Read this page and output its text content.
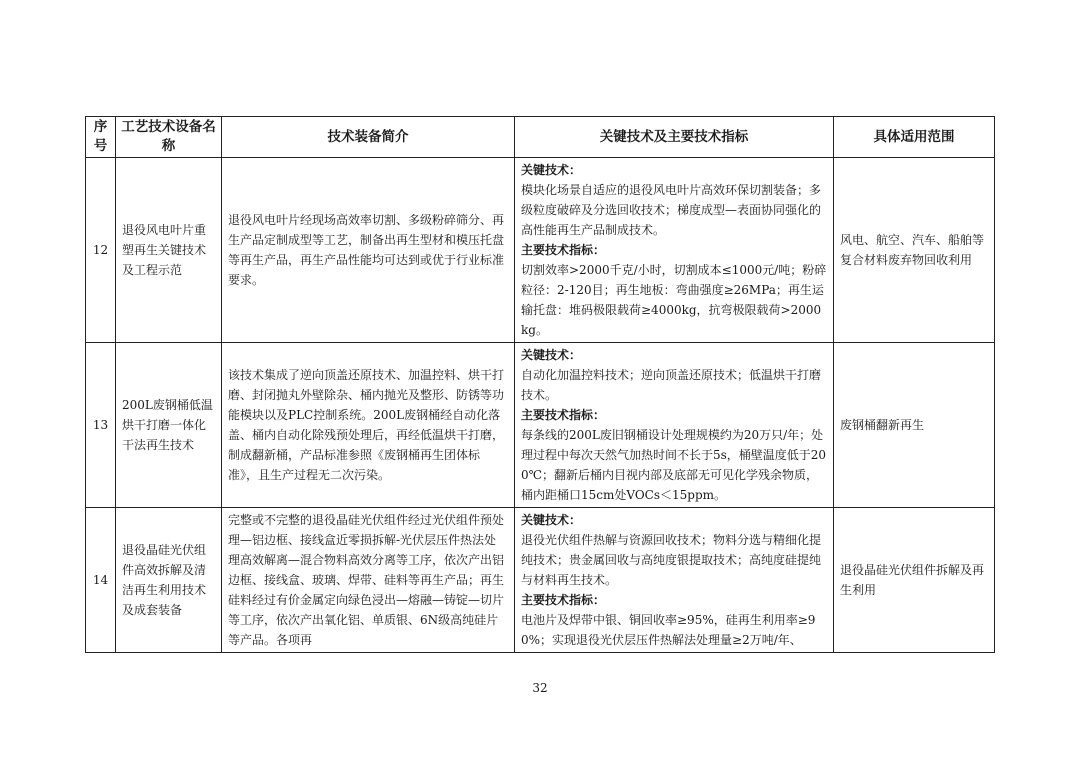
序号	工艺技术设备名称	技术装备简介	关键技术及主要技术指标	具体适用范围
12	退役风电叶片重塑再生关键技术及工程示范	退役风电叶片经现场高效率切割、多级粉碎筛分、再生产品定制成型等工艺，制备出再生型材和模压托盘等再生产品，再生产品性能均可达到或优于行业标准要求。	关键技术：
模块化场景自适应的退役风电叶片高效环保切割装备；多级粒度破碎及分选回收技术；梯度成型—表面协同强化的高性能再生产品制成技术。
主要技术指标：
切割效率>2000千克/小时，切割成本≤1000元/吨；粉碎粒径：2-120目；再生地板：弯曲强度≥26MPa；再生运输托盘：堆码极限载荷≥4000kg，抗弯极限载荷>2000kg。	风电、航空、汽车、船舶等复合材料废弃物回收利用
13	200L废钢桶低温烘干打磨一体化干法再生技术	该技术集成了逆向顶盖还原技术、加温控料、烘干打磨、封闭抛丸外壁除杂、桶内抛光及整形、防锈等功能模块以及PLC控制系统。200L废钢桶经自动化落盖、桶内自动化除残预处理后，再经低温烘干打磨，制成翻新桶，产品标准参照《废钢桶再生团体标准》，且生产过程无二次污染。	关键技术：
自动化加温控料技术；逆向顶盖还原技术；低温烘干打磨技术。
主要技术指标：
每条线的200L废旧钢桶设计处理规模约为20万只/年；处理过程中每次天然气加热时间不长于5s，桶壁温度低于200℃；翻新后桶内目视内部及底部无可见化学残余物质，桶内距桶口15cm处VOCs＜15ppm。	废钢桶翻新再生
14	退役晶硅光伏组件高效拆解及清洁再生利用技术及成套装备	完整或不完整的退役晶硅光伏组件经过光伏组件预处理—铝边框、接线盒近零损拆解-光伏层压件热法处理高效解离—混合物料高效分离等工序，依次产出铝边框、接线盒、玻璃、焊带、硅料等再生产品；再生硅料经过有价金属定向绿色浸出—熔融—铸锭—切片等工序，依次产出氧化铝、单质银、6N级高纯硅片等产品。各项再	关键技术：
退役光伏组件热解与资源回收技术；物料分选与精细化提纯技术；贵金属回收与高纯度银提取技术；高纯度硅提纯与材料再生技术。
主要技术指标：
电池片及焊带中银、铜回收率≥95%，硅再生利用率≥90%；实现退役光伏层压件热解法处理量≥2万吨/年、	退役晶硅光伏组件拆解及再生利用
32
